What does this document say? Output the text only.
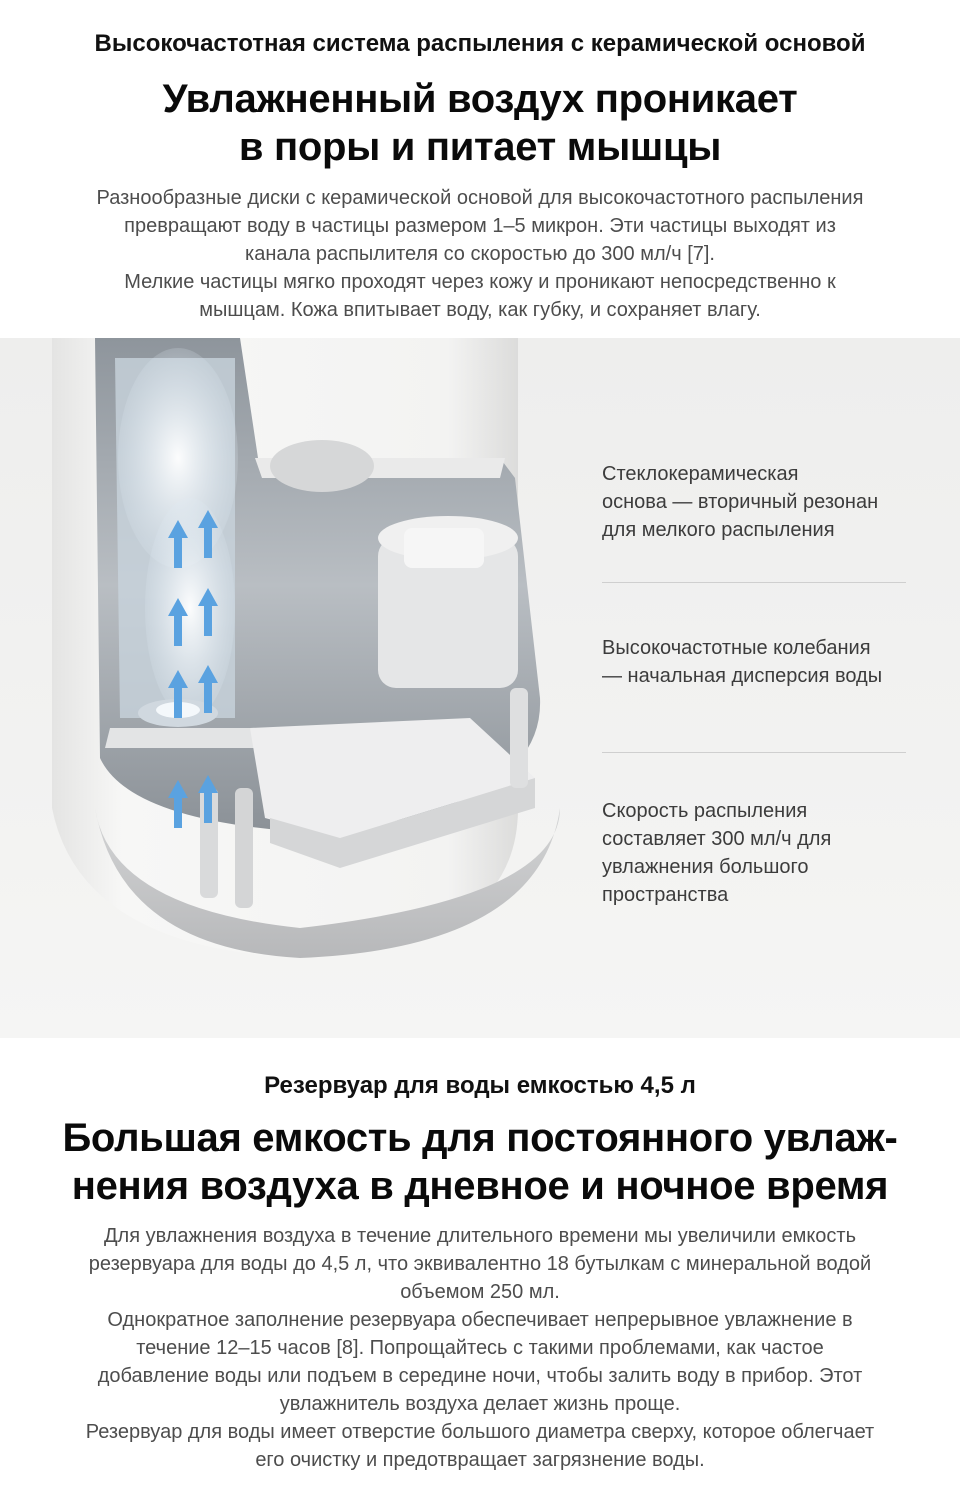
Высокочастотная система распыления с керамической основой
Увлажненный воздух проникает
в поры и питает мышцы

Разнообразные диски с керамической основой для высокочастотного распыления

превращают воду в частицы размером 1–5 микрон. Эти частицы выходят из

канала распылителя со скоростью до 300 мл/ч [7].

Мелкие частицы мягко проходят через кожу и проникают непосредственно к

мышцам. Кожа впитывает воду, как губку, и сохраняет влагу.

Стеклокерамическая
основа — вторичный резонан
для мелкого распыления
Высокочастотные колебания
— начальная дисперсия воды
Скорость распыления
составляет 300 мл/ч для
увлажнения большого
пространства
Резервуар для воды емкостью 4,5 л
Большая емкость для постоянного увлаж-
нения воздуха в дневное и ночное время

Для увлажнения воздуха в течение длительного времени мы увеличили емкость

резервуара для воды до 4,5 л, что эквивалентно 18 бутылкам с минеральной водой

объемом 250 мл.

Однократное заполнение резервуара обеспечивает непрерывное увлажнение в

течение 12–15 часов [8]. Попрощайтесь с такими проблемами, как частое

добавление воды или подъем в середине ночи, чтобы залить воду в прибор. Этот

увлажнитель воздуха делает жизнь проще.

Резервуар для воды имеет отверстие большого диаметра сверху, которое облегчает

его очистку и предотвращает загрязнение воды.
